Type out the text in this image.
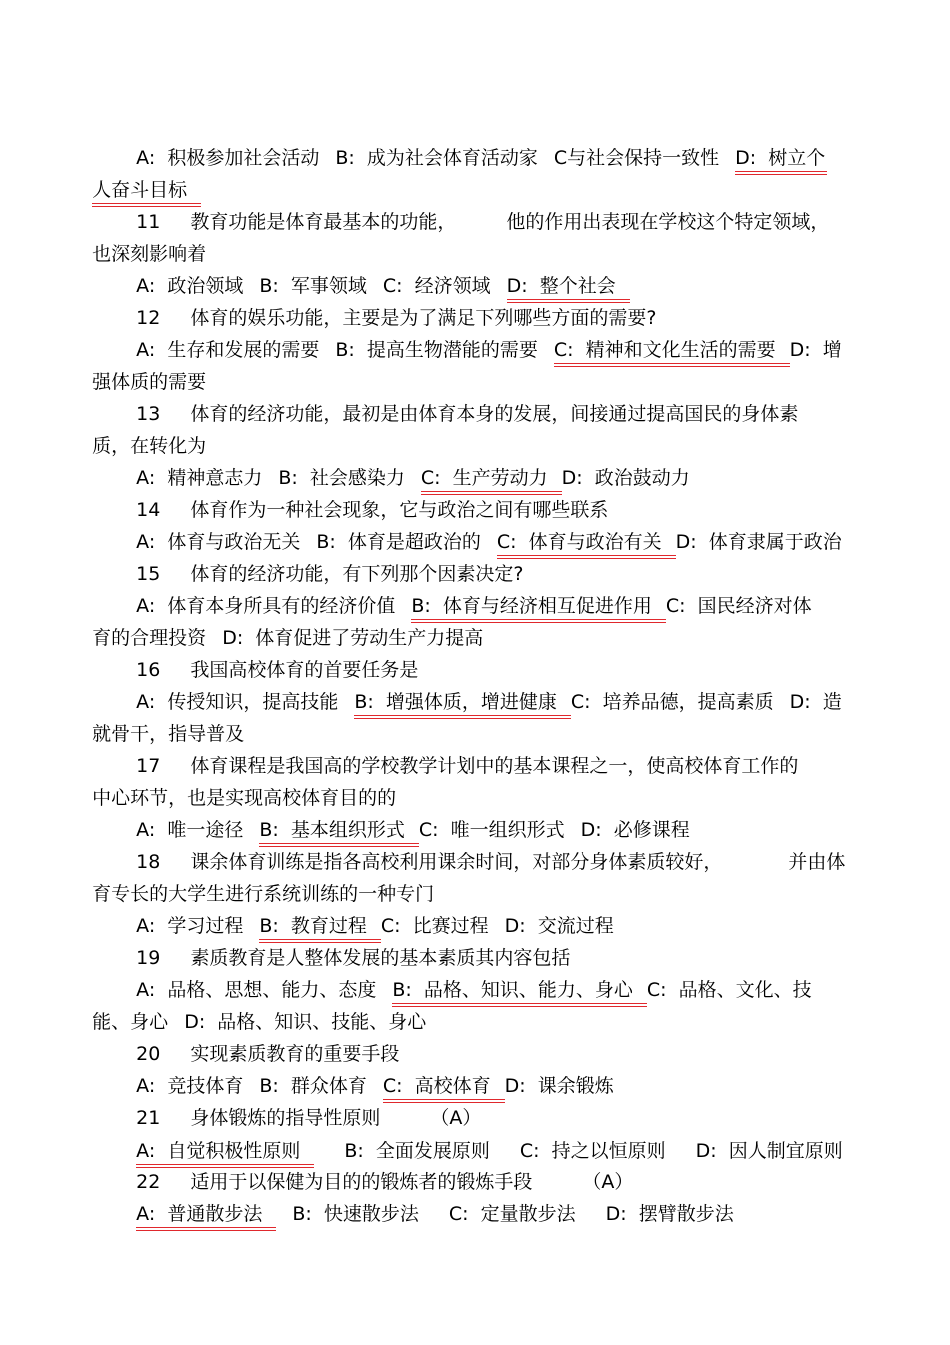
A:  积极参加社会活动 B:  成为社会体育活动家 C与社会保持一致性 D:  树立个

人奋斗目标

11 教育功能是体育最基本的功能，	他的作用出表现在学校这个特定领域，

也深刻影响着

A:  政治领域 B:  军事领域 C:  经济领域 D:  整个社会

12 体育的娱乐功能，主要是为了满足下列哪些方面的需要?

A:  生存和发展的需要 B:  提高生物潜能的需要 C:  精神和文化生活的需要 D:  增

强体质的需要

13 体育的经济功能，最初是由体育本身的发展，间接通过提高国民的身体素

质，在转化为

A:  精神意志力 B:  社会感染力 C:  生产劳动力 D:  政治鼓动力

14 体育作为一种社会现象，它与政治之间有哪些联系

A:  体育与政治无关 B:  体育是超政治的 C:  体育与政治有关 D:  体育隶属于政治

15 体育的经济功能，有下列那个因素决定?

A:  体育本身所具有的经济价值 B:  体育与经济相互促进作用 C:  国民经济对体

育的合理投资 D:  体育促进了劳动生产力提高

16 我国高校体育的首要任务是

A:  传授知识，提高技能 B:  增强体质，增进健康 C:  培养品德，提高素质 D:  造

就骨干，指导普及

17 体育课程是我国高的学校教学计划中的基本课程之一，使高校体育工作的

中心环节，也是实现高校体育目的的

A:  唯一途径 B:  基本组织形式 C:  唯一组织形式 D:  必修课程

18 课余体育训练是指各高校利用课余时间，对部分身体素质较好，	并由体

育专长的大学生进行系统训练的一种专门

A:  学习过程 B:  教育过程 C:  比赛过程 D:  交流过程

19 素质教育是人整体发展的基本素质其内容包括

A:  品格、思想、能力、态度 B:  品格、知识、能力、身心 C:  品格、文化、技

能、身心 D:  品格、知识、技能、身心

20 实现素质教育的重要手段

A:  竞技体育 B:  群众体育 C:  高校体育 D:  课余锻炼

21 身体锻炼的指导性原则	（A）

A:  自觉积极性原则 B:  全面发展原则 C:  持之以恒原则 D:  因人制宜原则

22 适用于以保健为目的的锻炼者的锻炼手段	（A）

A:  普通散步法 B:  快速散步法 C:  定量散步法 D:  摆臂散步法
